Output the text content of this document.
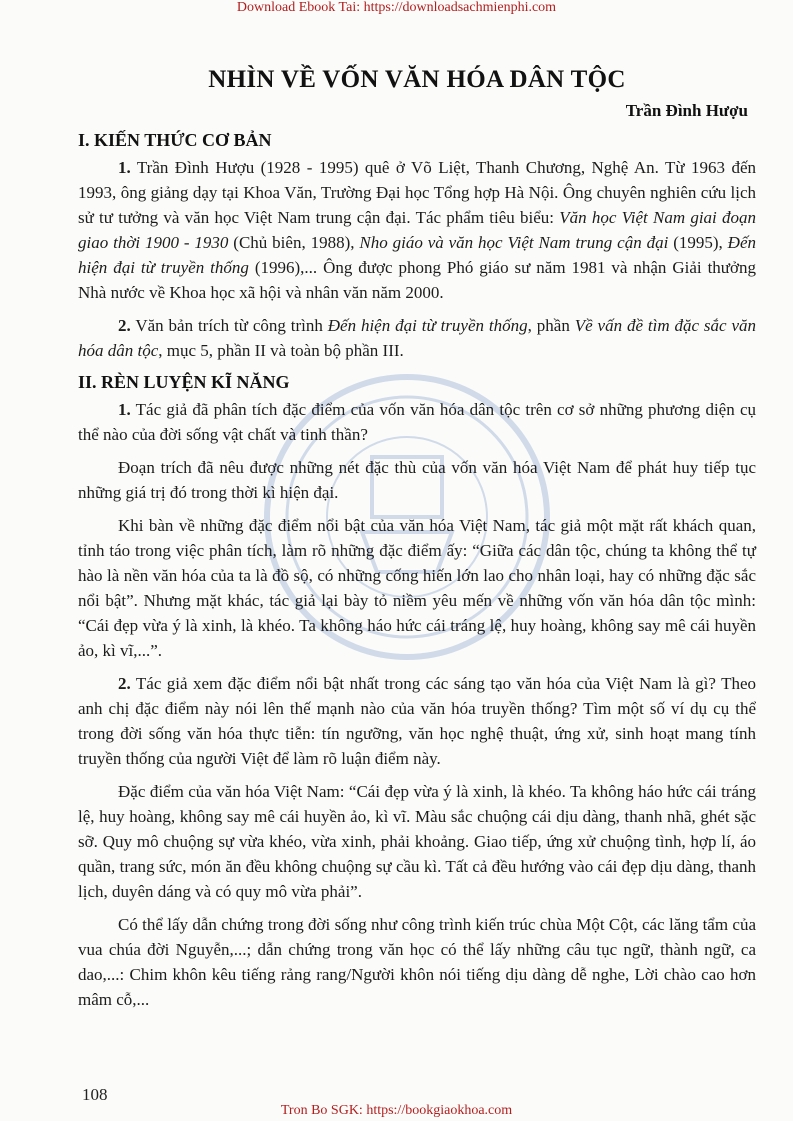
Download Ebook Tai: https://downloadsachmienphi.com
NHÌN VỀ VỐN VĂN HÓA DÂN TỘC
Trần Đình Hượu
I. KIẾN THỨC CƠ BẢN

1. Trần Đình Hượu (1928 - 1995) quê ở Võ Liệt, Thanh Chương, Nghệ An. Từ 1963 đến 1993, ông giảng dạy tại Khoa Văn, Trường Đại học Tổng hợp Hà Nội. Ông chuyên nghiên cứu lịch sử tư tưởng và văn học Việt Nam trung cận đại. Tác phẩm tiêu biểu: Văn học Việt Nam giai đoạn giao thời 1900 - 1930 (Chủ biên, 1988), Nho giáo và văn học Việt Nam trung cận đại (1995), Đến hiện đại từ truyền thống (1996),... Ông được phong Phó giáo sư năm 1981 và nhận Giải thưởng Nhà nước về Khoa học xã hội và nhân văn năm 2000.

2. Văn bản trích từ công trình Đến hiện đại từ truyền thống, phần Về vấn đề tìm đặc sắc văn hóa dân tộc, mục 5, phần II và toàn bộ phần III.

II. RÈN LUYỆN KĨ NĂNG

1. Tác giả đã phân tích đặc điểm của vốn văn hóa dân tộc trên cơ sở những phương diện cụ thể nào của đời sống vật chất và tinh thần?

Đoạn trích đã nêu được những nét đặc thù của vốn văn hóa Việt Nam để phát huy tiếp tục những giá trị đó trong thời kì hiện đại.

Khi bàn về những đặc điểm nổi bật của văn hóa Việt Nam, tác giả một mặt rất khách quan, tỉnh táo trong việc phân tích, làm rõ những đặc điểm ấy: “Giữa các dân tộc, chúng ta không thể tự hào là nền văn hóa của ta là đồ sộ, có những cống hiến lớn lao cho nhân loại, hay có những đặc sắc nổi bật”. Nhưng mặt khác, tác giả lại bày tỏ niềm yêu mến về những vốn văn hóa dân tộc mình: “Cái đẹp vừa ý là xinh, là khéo. Ta không háo hức cái tráng lệ, huy hoàng, không say mê cái huyền ảo, kì vĩ,...”.

2. Tác giả xem đặc điểm nổi bật nhất trong các sáng tạo văn hóa của Việt Nam là gì? Theo anh chị đặc điểm này nói lên thế mạnh nào của văn hóa truyền thống? Tìm một số ví dụ cụ thể trong đời sống văn hóa thực tiễn: tín ngưỡng, văn học nghệ thuật, ứng xử, sinh hoạt mang tính truyền thống của người Việt để làm rõ luận điểm này.

Đặc điểm của văn hóa Việt Nam: “Cái đẹp vừa ý là xinh, là khéo. Ta không háo hức cái tráng lệ, huy hoàng, không say mê cái huyền ảo, kì vĩ. Màu sắc chuộng cái dịu dàng, thanh nhã, ghét sặc sỡ. Quy mô chuộng sự vừa khéo, vừa xinh, phải khoảng. Giao tiếp, ứng xử chuộng tình, hợp lí, áo quần, trang sức, món ăn đều không chuộng sự cầu kì. Tất cả đều hướng vào cái đẹp dịu dàng, thanh lịch, duyên dáng và có quy mô vừa phải”.

Có thể lấy dẫn chứng trong đời sống như công trình kiến trúc chùa Một Cột, các lăng tẩm của vua chúa đời Nguyễn,...; dẫn chứng trong văn học có thể lấy những câu tục ngữ, thành ngữ, ca dao,...: Chim khôn kêu tiếng rảng rang/Người khôn nói tiếng dịu dàng dễ nghe, Lời chào cao hơn mâm cỗ,...

108
Tron Bo SGK: https://bookgiaokhoa.com
